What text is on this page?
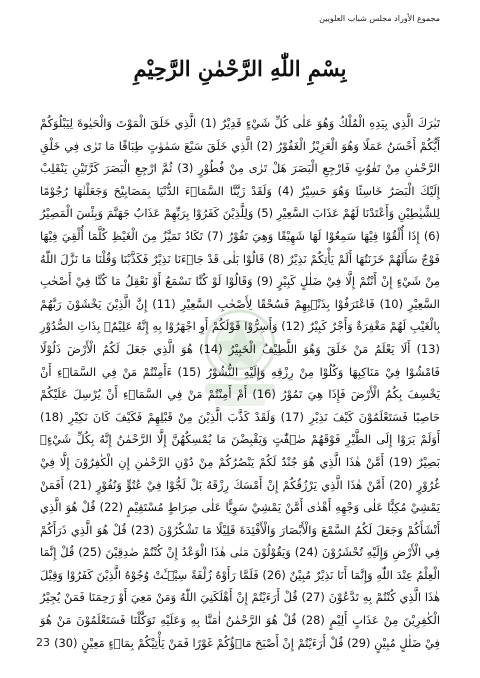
مجموع الأوراد مجلس شباب العلويين
بِسْمِ اللّٰهِ الرَّحْمٰنِ الرَّحِيْمِ
تَبٰرَكَ الَّذِي بِيَدِهِ الْمُلْكُ وَهُوَ عَلٰى كُلِّ شَيْءٍ قَدِيْرٌ (1) الَّذِي خَلَقَ الْمَوْتَ وَالْحَيٰوةَ لِيَبْلُوَكُمْ أَيُّكُمْ أَحْسَنُ عَمَلًا وَهُوَ الْعَزِيْزُ الْغَفُوْرُ (2) الَّذِي خَلَقَ سَبْعَ سَمٰوٰتٍ طِبَاقًا مَا تَرٰى فِي خَلْقِ الرَّحْمٰنِ مِنْ تَفٰوُتٍ فَارْجِعِ الْبَصَرَ هَلْ تَرٰى مِنْ فُطُوْرٍ (3) ثُمَّ ارْجِعِ الْبَصَرَ كَرَّتَيْنِ يَنْقَلِبْ إِلَيْكَ الْبَصَرُ خَاسِئًا وَهُوَ حَسِيْرٌ (4) وَلَقَدْ زَيَّنَّا السَّمَاۤءَ الدُّنْيَا بِمَصَابِيْحَ وَجَعَلْنٰهَا رُجُوْمًا لِلشَّيٰطِيْنِ وَأَعْتَدْنَا لَهُمْ عَذَابَ السَّعِيْرِ (5) وَلِلَّذِيْنَ كَفَرُوْا بِرَبِّهِمْ عَذَابُ جَهَنَّمَ وَبِئْسَ الْمَصِيْرُ (6) إِذَا أُلْقُوْا فِيْهَا سَمِعُوْا لَهَا شَهِيْقًا وَهِيَ تَفُوْرُ (7) تَكَادُ تَمَيَّزُ مِنَ الْغَيْظِ كُلَّمَا أُلْقِيَ فِيْهَا فَوْجٌ سَأَلَهُمْ خَزَنَتُهَا أَلَمْ يَأْتِكُمْ نَذِيْرٌ (8) قَالُوْا بَلٰى قَدْ جَاۤءَنَا نَذِيْرٌ فَكَذَّبْنَا وَقُلْنَا مَا نَزَّلَ اللّٰهُ مِنْ شَيْءٍ إِنْ أَنْتُمْ إِلَّا فِيْ ضَلٰلٍ كَبِيْرٍ (9) وَقَالُوْا لَوْ كُنَّا نَسْمَعُ أَوْ نَعْقِلُ مَا كُنَّا فِيْ أَصْحٰبِ السَّعِيْرِ (10) فَاعْتَرَفُوْا بِذَنْۢبِهِمْ فَسُحْقًا لِأَصْحٰبِ السَّعِيْرِ (11) إِنَّ الَّذِيْنَ يَخْشَوْنَ رَبَّهُمْ بِالْغَيْبِ لَهُمْ مَغْفِرَةٌ وَأَجْرٌ كَبِيْرٌ (12) وَأَسِرُّوْا قَوْلَكُمْ أَوِ اجْهَرُوْا بِهِ إِنَّهُ عَلِيْمٌۢ بِذَاتِ الصُّدُوْرِ (13) أَلَا يَعْلَمُ مَنْ خَلَقَ وَهُوَ اللَّطِيْفُ الْخَبِيْرُ (14) هُوَ الَّذِي جَعَلَ لَكُمُ الْأَرْضَ ذَلُوْلًا فَامْشُوْا فِيْ مَنَاكِبِهَا وَكُلُوْا مِنْ رِزْقِهِ وَإِلَيْهِ النُّشُوْرُ (15) ءَأَمِنْتُمْ مَنْ فِي السَّمَاۤءِ أَنْ يَخْسِفَ بِكُمُ الْأَرْضَ فَإِذَا هِيَ تَمُوْرُ (16) أَمْ أَمِنْتُمْ مَنْ فِي السَّمَاۤءِ أَنْ يُرْسِلَ عَلَيْكُمْ حَاصِبًا فَسَتَعْلَمُوْنَ كَيْفَ نَذِيْرِ (17) وَلَقَدْ كَذَّبَ الَّذِيْنَ مِنْ قَبْلِهِمْ فَكَيْفَ كَانَ نَكِيْرِ (18) أَوَلَمْ يَرَوْا إِلَى الطَّيْرِ فَوْقَهُمْ صٰۤفّٰتٍ وَيَقْبِضْنَ مَا يُمْسِكُهُنَّ إِلَّا الرَّحْمٰنُ إِنَّهُ بِكُلِّ شَيْءٍۢ بَصِيْرٌ (19) أَمَّنْ هٰذَا الَّذِي هُوَ جُنْدٌ لَكُمْ يَنْصُرُكُمْ مِنْ دُوْنِ الرَّحْمٰنِ إِنِ الْكٰفِرُوْنَ إِلَّا فِيْ غُرُوْرٍ (20) أَمَّنْ هٰذَا الَّذِي يَرْزُقُكُمْ إِنْ أَمْسَكَ رِزْقَهُ بَلْ لَجُّوْا فِيْ عُتُوٍّ وَنُفُوْرٍ (21) أَفَمَنْ يَمْشِيْ مُكِبًّا عَلٰى وَجْهِهِ أَهْدٰى أَمَّنْ يَمْشِيْ سَوِيًّا عَلٰى صِرَاطٍ مُسْتَقِيْمٍ (22) قُلْ هُوَ الَّذِي أَنْشَأَكُمْ وَجَعَلَ لَكُمُ السَّمْعَ وَالْأَبْصَارَ وَالْأَفْئِدَةَ قَلِيْلًا مَا تَشْكُرُوْنَ (23) قُلْ هُوَ الَّذِي ذَرَأَكُمْ فِي الْأَرْضِ وَإِلَيْهِ تُحْشَرُوْنَ (24) وَيَقُوْلُوْنَ مَتٰى هٰذَا الْوَعْدُ إِنْ كُنْتُمْ صٰدِقِيْنَ (25) قُلْ إِنَّمَا الْعِلْمُ عِنْدَ اللّٰهِ وَإِنَّمَا أَنَا نَذِيْرٌ مُبِيْنٌ (26) فَلَمَّا رَأَوْهُ زُلْفَةً سِيْۤـَٔتْ وُجُوْهُ الَّذِيْنَ كَفَرُوْا وَقِيْلَ هٰذَا الَّذِي كُنْتُمْ بِهِ تَدَّعُوْنَ (27) قُلْ أَرَءَيْتُمْ إِنْ أَهْلَكَنِيَ اللّٰهُ وَمَنْ مَعِيَ أَوْ رَحِمَنَا فَمَنْ يُجِيْرُ الْكٰفِرِيْنَ مِنْ عَذَابٍ أَلِيْمٍ (28) قُلْ هُوَ الرَّحْمٰنُ اٰمَنَّا بِهِ وَعَلَيْهِ تَوَكَّلْنَا فَسَتَعْلَمُوْنَ مَنْ هُوَ فِيْ ضَلٰلٍ مُبِيْنٍ (29) قُلْ أَرَءَيْتُمْ إِنْ أَصْبَحَ مَاۤؤُكُمْ غَوْرًا فَمَنْ يَأْتِيْكُمْ بِمَاۤءٍ مَعِيْنٍ (30)
23
